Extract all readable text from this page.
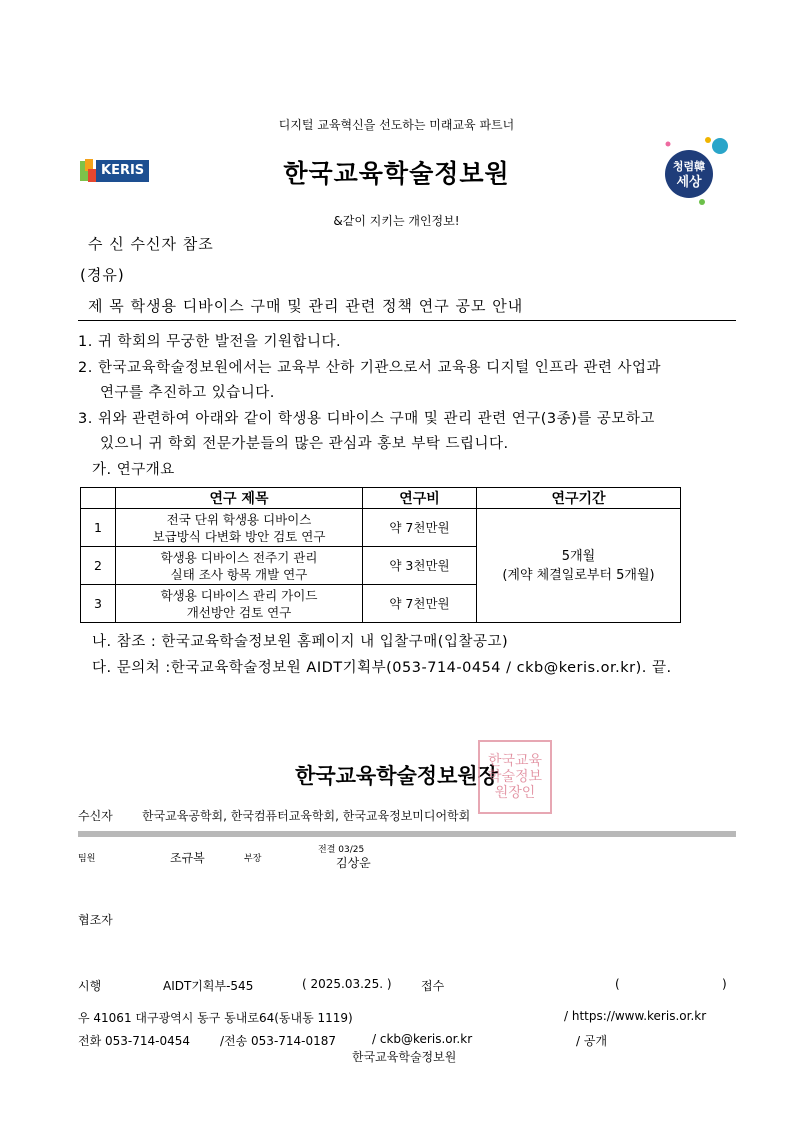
디지털 교육혁신을 선도하는 미래교육 파트너
KERIS	한국교육학술정보원	청렴韓
세상
&같이 지키는 개인정보!
수 신 수신자 참조
(경유)
제 목 학생용 디바이스 구매 및 관리 관련 정책 연구 공모 안내
1. 귀 학회의 무궁한 발전을 기원합니다.
2. 한국교육학술정보원에서는 교육부 산하 기관으로서 교육용 디지털 인프라 관련 사업과
연구를 추진하고 있습니다.
3. 위와 관련하여 아래와 같이 학생용 디바이스 구매 및 관리 관련 연구(3종)를 공모하고
있으니 귀 학회 전문가분들의 많은 관심과 홍보 부탁 드립니다.
가. 연구개요
	연구 제목	연구비	연구기간
1	전국 단위 학생용 디바이스
보급방식 다변화 방안 검토 연구	약 7천만원	5개월
(계약 체결일로부터 5개월)
2	학생용 디바이스 전주기 관리
실태 조사 항목 개발 연구	약 3천만원	
3	학생용 디바이스 관리 가이드
개선방안 검토 연구	약 7천만원	
나. 참조 : 한국교육학술정보원 홈페이지 내 입찰구매(입찰공고)
다. 문의처 :한국교육학술정보원 AIDT기획부(053-714-0454 / ckb@keris.or.kr). 끝.
한국교육학술정보원장
한국교육학술정보원장인
수신자 한국교육공학회, 한국컴퓨터교육학회, 한국교육정보미디어학회
팀원	조규복	부장
전결 03/25
김상운
협조자
시행	AIDT기획부-545	( 2025.03.25. ) 접수	(	)
우 41061 대구광역시 동구 동내로64(동내동 1119)	/ https://www.keris.or.kr
전화 053-714-0454 /전송 053-714-0187	/ ckb@keris.or.kr	/ 공개
한국교육학술정보원
